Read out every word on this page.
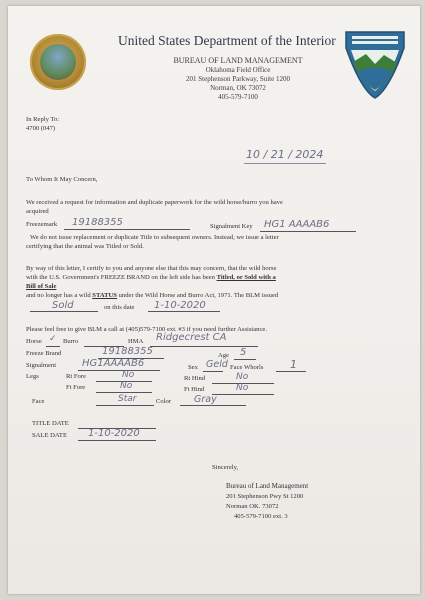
United States Department of the Interior
BUREAU OF LAND MANAGEMENT
Oklahoma Field Office
201 Stephenson Parkway, Suite 1200
Norman, OK 73072
405-579-7100
In Reply To:
4700 (047)
10 / 21 / 2024
To Whom It May Concern,
We received a request for information and duplicate paperwork for the wild horse/burro you have
acquired
Freezemark 19188355	Signalment Key HG1 AAAAB6
We do not issue replacement or duplicate Title to subsequent owners. Instead, we issue a letter
certifying that the animal was Titled or Sold.
By way of this letter, I certify to you and anyone else that this may concern, that the wild horse
with the U.S. Government's FREEZE BRAND on the left side has been Titled, or Sold with a
Bill of Sale
and no longer has a wild STATUS under the Wild Horse and Burro Act, 1971. The BLM issued
Sold	on this date 1-10-2020
Please feel free to give BLM a call at (405)579-7100 ext. #3 if you need further Assistance.
Horse ✓ Burro	HMA Ridgecrest CA
Freeze Brand	19188355	Age 5
Signalment	HG1AAAAB6	Sex Geld Face Whorls 1
Legs	Rt Fore	No	Rt Hind	No
Ft Fore	No	Ft Hind	No
Face	Star	Color Gray
TITLE DATE
SALE DATE 1-10-2020
Sincerely,
Bureau of Land Management
201 Stephenson Pwy St 1200
Norman OK. 73072
405-579-7100 ext. 3
